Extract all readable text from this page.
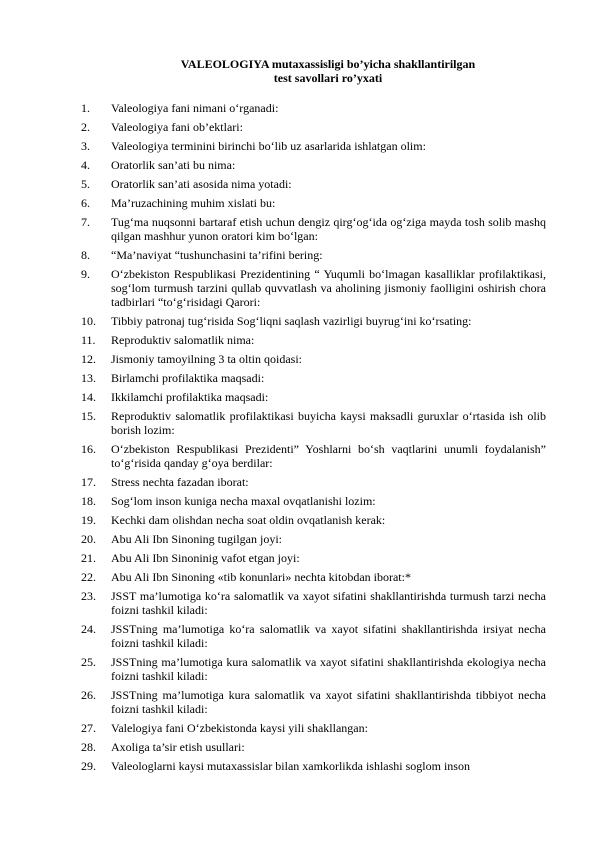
VALEOLOGIYA mutaxassisligi bo’yicha shakllantirilgan
test savollari ro’yxati
1.	Valeologiya fani nimani o‘rganadi:
2.	Valeologiya fani ob’ektlari:
3.	Valeologiya terminini birinchi bo‘lib uz asarlarida ishlatgan olim:
4.	Oratorlik san’ati bu nima:
5.	Oratorlik san’ati asosida nima yotadi:
6.	Ma’ruzachining muhim xislati bu:
7.	Tug‘ma nuqsonni bartaraf etish uchun dengiz qirg‘og‘ida og‘ziga mayda tosh solib mashq qilgan mashhur yunon oratori kim bo‘lgan:
8.	“Ma’naviyat “tushunchasini ta’rifini bering:
9.	O‘zbekiston Respublikasi Prezidentining “ Yuqumli bo‘lmagan kasalliklar profilaktikasi, sog‘lom turmush tarzini qullab quvvatlash va aholining jismoniy faolligini oshirish chora tadbirlari “to‘g‘risidagi Qarori:
10.	Tibbiy patronaj tug‘risida Sog‘liqni saqlash vazirligi buyrug‘ini ko‘rsating:
11.	Reproduktiv salomatlik nima:
12.	Jismoniy tamoyilning 3 ta oltin qoidasi:
13.	Birlamchi profilaktika maqsadi:
14.	Ikkilamchi profilaktika maqsadi:
15.	Reproduktiv salomatlik profilaktikasi buyicha kaysi maksadli guruxlar o‘rtasida ish olib borish lozim:
16.	O‘zbekiston Respublikasi Prezidenti” Yoshlarni bo‘sh vaqtlarini unumli foydalanish” to‘g‘risida qanday g‘oya berdilar:
17.	Stress nechta fazadan iborat:
18.	Sog‘lom inson kuniga necha maxal ovqatlanishi lozim:
19.	Kechki dam olishdan necha soat oldin ovqatlanish kerak:
20.	Abu Ali Ibn Sinoning tugilgan joyi:
21.	Abu Ali Ibn Sinoninig vafot etgan joyi:
22.	Abu Ali Ibn Sinoning «tib konunlari» nechta kitobdan iborat:*
23.	JSST ma’lumotiga ko‘ra salomatlik va xayot sifatini shakllantirishda turmush tarzi necha foizni tashkil kiladi:
24.	JSSTning ma’lumotiga ko‘ra salomatlik va xayot sifatini shakllantirishda irsiyat necha foizni tashkil kiladi:
25.	JSSTning ma’lumotiga kura salomatlik va xayot sifatini shakllantirishda ekologiya necha foizni tashkil kiladi:
26.	JSSTning ma’lumotiga kura salomatlik va xayot sifatini shakllantirishda tibbiyot necha foizni tashkil kiladi:
27.	Valelogiya fani O‘zbekistonda kaysi yili shakllangan:
28.	Axoliga ta’sir etish usullari:
29.	Valeologlarni kaysi mutaxassislar bilan xamkorlikda ishlashi soglom inson
